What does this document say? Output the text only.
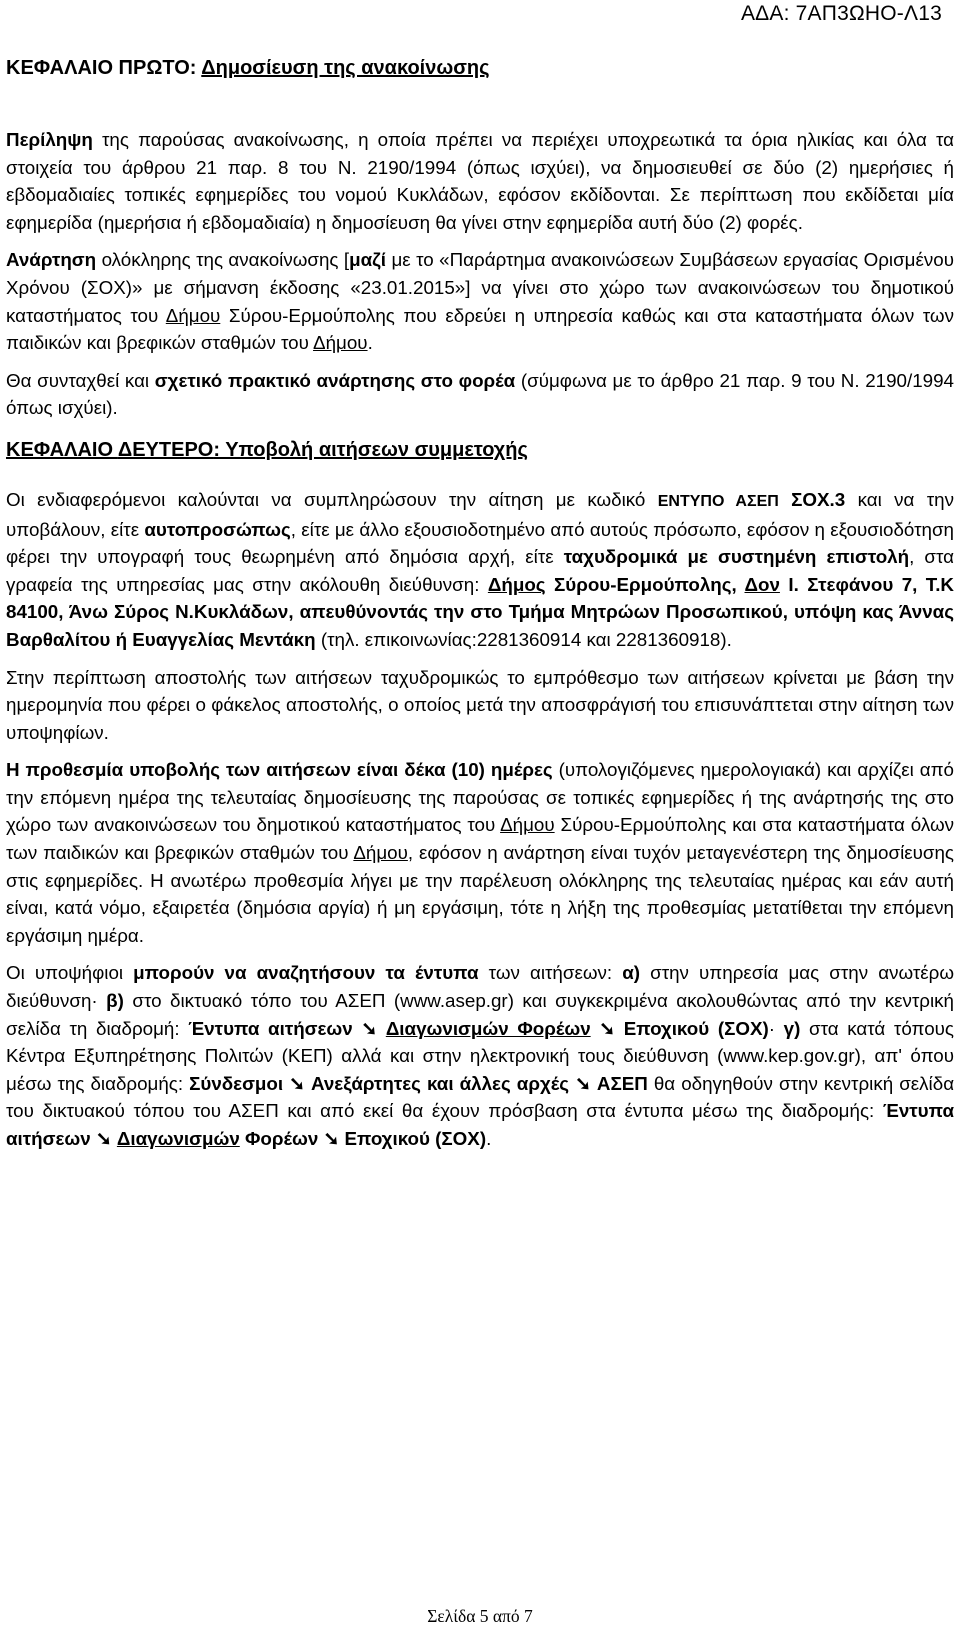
ΑΔΑ: 7ΑΠ3ΩΗΟ-Λ13
ΚΕΦΑΛΑΙΟ ΠΡΩΤΟ: Δημοσίευση της ανακοίνωσης

Περίληψη της παρούσας ανακοίνωσης, η οποία πρέπει να περιέχει υποχρεωτικά τα όρια ηλικίας και όλα τα στοιχεία του άρθρου 21 παρ. 8 του Ν. 2190/1994 (όπως ισχύει), να δημοσιευθεί σε δύο (2) ημερήσιες ή εβδομαδιαίες τοπικές εφημερίδες του νομού Κυκλάδων, εφόσον εκδίδονται. Σε περίπτωση που εκδίδεται μία εφημερίδα (ημερήσια ή εβδομαδιαία) η δημοσίευση θα γίνει στην εφημερίδα αυτή δύο (2) φορές.

Ανάρτηση ολόκληρης της ανακοίνωσης [μαζί με το «Παράρτημα ανακοινώσεων Συμβάσεων εργασίας Ορισμένου Χρόνου (ΣΟΧ)» με σήμανση έκδοσης «23.01.2015»] να γίνει στο χώρο των ανακοινώσεων του δημοτικού καταστήματος του Δήμου Σύρου-Ερμούπολης που εδρεύει η υπηρεσία καθώς και στα καταστήματα όλων των παιδικών και βρεφικών σταθμών του Δήμου.

Θα συνταχθεί και σχετικό πρακτικό ανάρτησης στο φορέα (σύμφωνα με το άρθρο 21 παρ. 9 του Ν. 2190/1994 όπως ισχύει).

ΚΕΦΑΛΑΙΟ ΔΕΥΤΕΡΟ: Υποβολή αιτήσεων συμμετοχής

Οι ενδιαφερόμενοι καλούνται να συμπληρώσουν την αίτηση με κωδικό ΕΝΤΥΠΟ ΑΣΕΠ ΣΟΧ.3 και να την υποβάλουν, είτε αυτοπροσώπως, είτε με άλλο εξουσιοδοτημένο από αυτούς πρόσωπο, εφόσον η εξουσιοδότηση φέρει την υπογραφή τους θεωρημένη από δημόσια αρχή, είτε ταχυδρομικά με συστημένη επιστολή, στα γραφεία της υπηρεσίας μας στην ακόλουθη διεύθυνση: Δήμος Σύρου-Ερμούπολης, Δον Ι. Στεφάνου 7, Τ.Κ 84100, Άνω Σύρος Ν.Κυκλάδων, απευθύνοντάς την στο Τμήμα Μητρώων Προσωπικού, υπόψη κας Άννας Βαρθαλίτου ή Ευαγγελίας Μεντάκη (τηλ. επικοινωνίας:2281360914 και 2281360918).

Στην περίπτωση αποστολής των αιτήσεων ταχυδρομικώς το εμπρόθεσμο των αιτήσεων κρίνεται με βάση την ημερομηνία που φέρει ο φάκελος αποστολής, ο οποίος μετά την αποσφράγισή του επισυνάπτεται στην αίτηση των υποψηφίων.

Η προθεσμία υποβολής των αιτήσεων είναι δέκα (10) ημέρες (υπολογιζόμενες ημερολογιακά) και αρχίζει από την επόμενη ημέρα της τελευταίας δημοσίευσης της παρούσας σε τοπικές εφημερίδες ή της ανάρτησής της στο χώρο των ανακοινώσεων του δημοτικού καταστήματος του Δήμου Σύρου-Ερμούπολης και στα καταστήματα όλων των παιδικών και βρεφικών σταθμών του Δήμου, εφόσον η ανάρτηση είναι τυχόν μεταγενέστερη της δημοσίευσης στις εφημερίδες. Η ανωτέρω προθεσμία λήγει με την παρέλευση ολόκληρης της τελευταίας ημέρας και εάν αυτή είναι, κατά νόμο, εξαιρετέα (δημόσια αργία) ή μη εργάσιμη, τότε η λήξη της προθεσμίας μετατίθεται την επόμενη εργάσιμη ημέρα.

Οι υποψήφιοι μπορούν να αναζητήσουν τα έντυπα των αιτήσεων: α) στην υπηρεσία μας στην ανωτέρω διεύθυνση· β) στο δικτυακό τόπο του ΑΣΕΠ (www.asep.gr) και συγκεκριμένα ακολουθώντας από την κεντρική σελίδα τη διαδρομή: Έντυπα αιτήσεων ➘ Διαγωνισμών Φορέων ➘ Εποχικού (ΣΟΧ)· γ) στα κατά τόπους Κέντρα Εξυπηρέτησης Πολιτών (ΚΕΠ) αλλά και στην ηλεκτρονική τους διεύθυνση (www.kep.gov.gr), απ' όπου μέσω της διαδρομής: Σύνδεσμοι ➘ Ανεξάρτητες και άλλες αρχές ➘ ΑΣΕΠ θα οδηγηθούν στην κεντρική σελίδα του δικτυακού τόπου του ΑΣΕΠ και από εκεί θα έχουν πρόσβαση στα έντυπα μέσω της διαδρομής: Έντυπα αιτήσεων ➘ Διαγωνισμών Φορέων ➘ Εποχικού (ΣΟΧ).

Σελίδα 5 από 7
